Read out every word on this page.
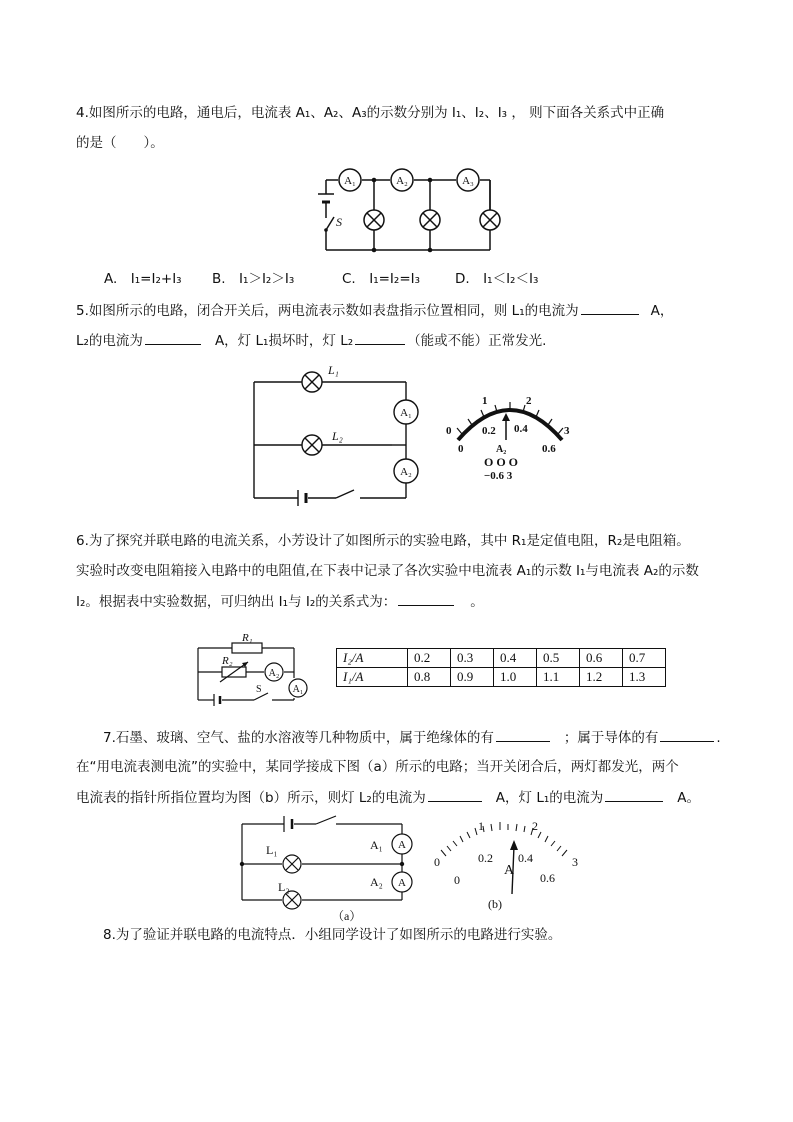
4.如图所示的电路，通电后，电流表 A₁、A₂、A₃的示数分别为 I₁、I₂、I₃ ， 则下面各关系式中正确
的是（　　）。
S
A₁	A₂	A₃
A.　I₁=I₂+I₃ B.　I₁＞I₂＞I₃	C.　I₁=I₂=I₃	D.　I₁＜I₂＜I₃
5.如图所示的电路，闭合开关后，两电流表示数如表盘指示位置相同，则 L₁的电流为	A，
L₂的电流为	A，灯 L₁损坏时，灯 L₂	（能或不能）正常发光.
L₁
L₂
A₁
A₂
0
1	2
3
0
0.2 0.4
0.6
A₂
O O O
−0.6 3
6.为了探究并联电路的电流关系，小芳设计了如图所示的实验电路，其中 R₁是定值电阻，R₂是电阻箱。
实验时改变电阻箱接入电路中的电阻值,在下表中记录了各次实验中电流表 A₁的示数 I₁与电流表 A₂的示数
I₂。根据表中实验数据，可归纳出 I₁与 I₂的关系式为：	。
R₁
R₂
A₂
A₁
S
I₂/A	0.2	0.3	0.4	0.5	0.6	0.7
I₁/A	0.8	0.9	1.0	1.1	1.2	1.3
7.石墨、玻璃、空气、盐的水溶液等几种物质中，属于绝缘体的有	；属于导体的有	.
在“用电流表测电流”的实验中，某同学接成下图（a）所示的电路；当开关闭合后，两灯都发光，两个
电流表的指针所指位置均为图（b）所示，则灯 L₂的电流为	A，灯 L₁的电流为	A。
L₁
L₂
A₁ A
A₂ A
（a）
0
1	2
3
0
0.2 0.4
0.6
A
(b)
8.为了验证并联电路的电流特点．小组同学设计了如图所示的电路进行实验。
